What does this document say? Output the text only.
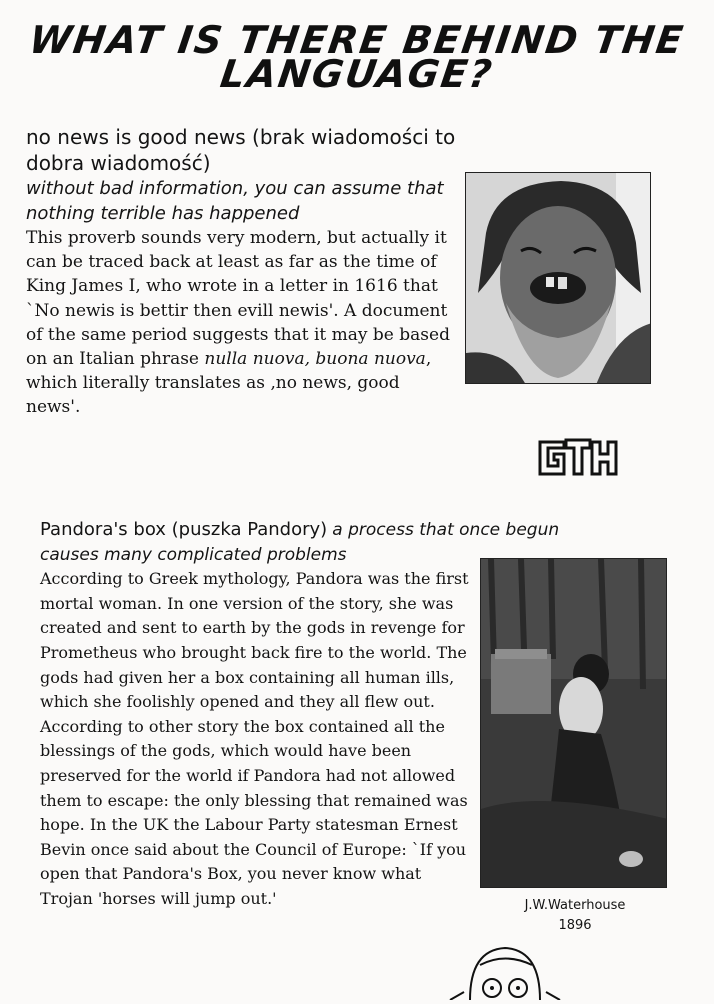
WHAT IS THERE BEHIND THE
LANGUAGE?
no news is good news (brak wiadomości to dobra wiadomość)
without bad information, you can assume that nothing terrible has happened
This proverb sounds very modern, but actually it can be traced back at least as far as the time of King James I, who wrote in a letter in 1616 that `No newis is bettir then evill newis'. A document of the same period suggests that it may be based on an Italian phrase nulla nuova, buona nuova, which literally translates as ‚no news, good news'.
Pandora's box (puszka Pandory) a process that once begun causes many complicated problems
According to Greek mythology, Pandora was the first mortal woman. In one version of the story, she was created and sent to earth by the gods in revenge for Prometheus who brought back fire to the world. The gods had given her a box containing all human ills, which she foolishly opened and they all flew out. According to other story the box contained all the blessings of the gods, which would have been preserved for the world if Pandora had not allowed them to escape: the only blessing that remained was hope. In the UK the Labour Party statesman Ernest Bevin once said about the Council of Europe: `If you open that Pandora's Box, you never know what Trojan 'horses will jump out.'	J.W.Waterhouse
1896
